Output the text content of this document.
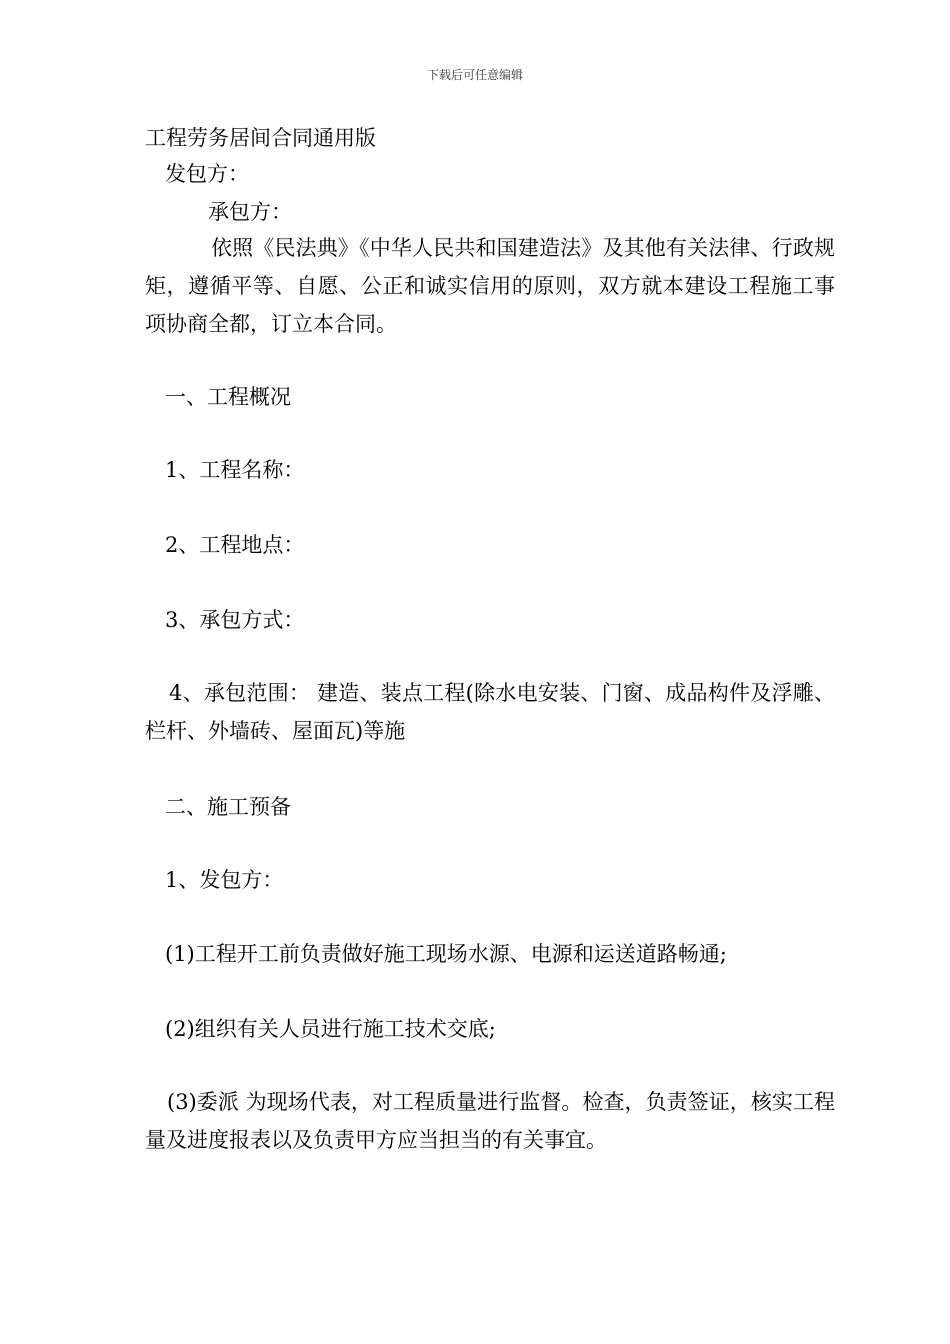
下载后可任意编辑
工程劳务居间合同通用版
发包方：
承包方：
依照《民法典》《中华人民共和国建造法》及其他有关法律、行政规矩，遵循平等、自愿、公正和诚实信用的原则，双方就本建设工程施工事项协商全都，订立本合同。
一、工程概况
1、工程名称：
2、工程地点：
3、承包方式：
4、承包范围： 建造、装点工程(除水电安装、门窗、成品构件及浮雕、栏杆、外墙砖、屋面瓦)等施
二、施工预备
1、发包方：
(1)工程开工前负责做好施工现场水源、电源和运送道路畅通;
(2)组织有关人员进行施工技术交底;
(3)委派 为现场代表，对工程质量进行监督。检查，负责签证，核实工程量及进度报表以及负责甲方应当担当的有关事宜。
